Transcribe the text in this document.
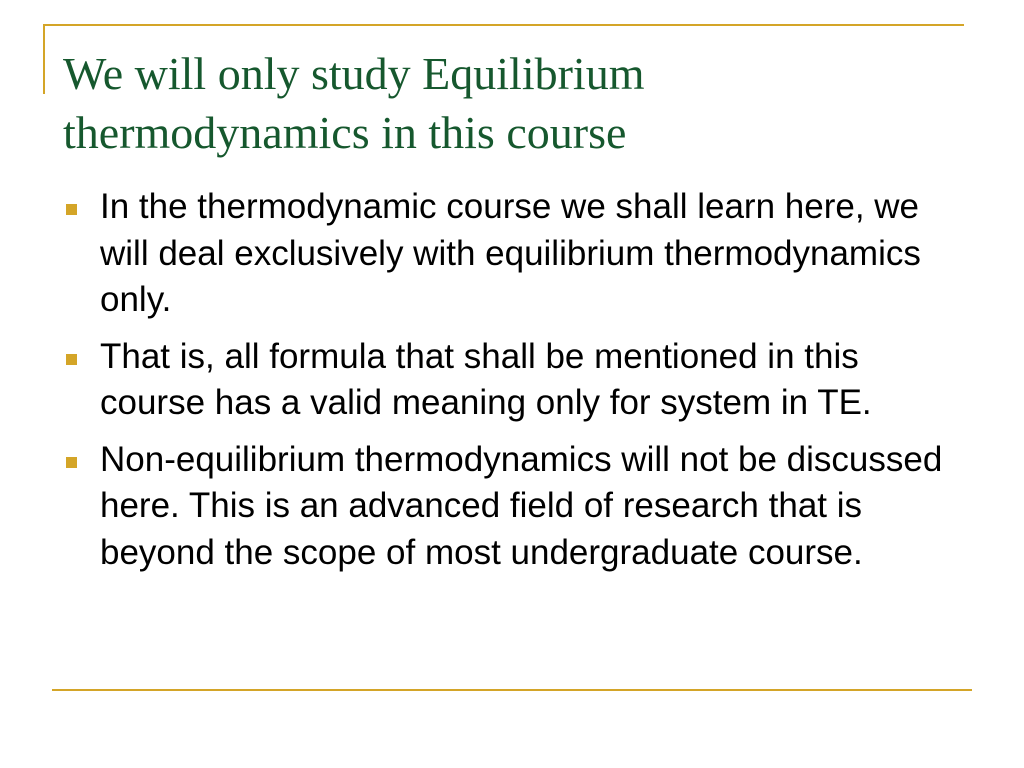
We will only study Equilibrium thermodynamics in this course
In the thermodynamic course we shall learn here, we will deal exclusively with equilibrium thermodynamics only.
That is, all formula that shall be mentioned in this course has a valid meaning only for system in TE.
Non-equilibrium thermodynamics will not be discussed here. This is an advanced field of research that is beyond the scope of most undergraduate course.
